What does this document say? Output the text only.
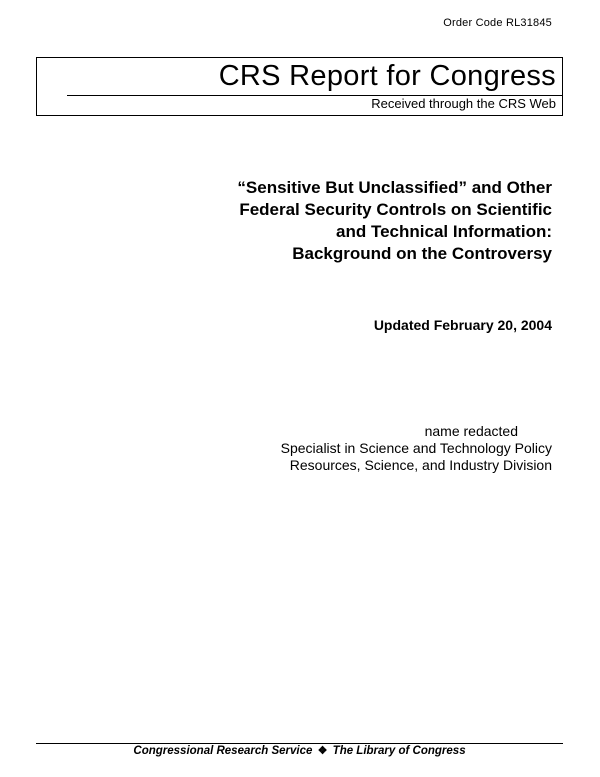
Order Code RL31845
CRS Report for Congress
Received through the CRS Web
“Sensitive But Unclassified” and Other
Federal Security Controls on Scientific
and Technical Information:
Background on the Controversy
Updated February 20, 2004
name redacted
Specialist in Science and Technology Policy
Resources, Science, and Industry Division
Congressional Research Service ❖ The Library of Congress
